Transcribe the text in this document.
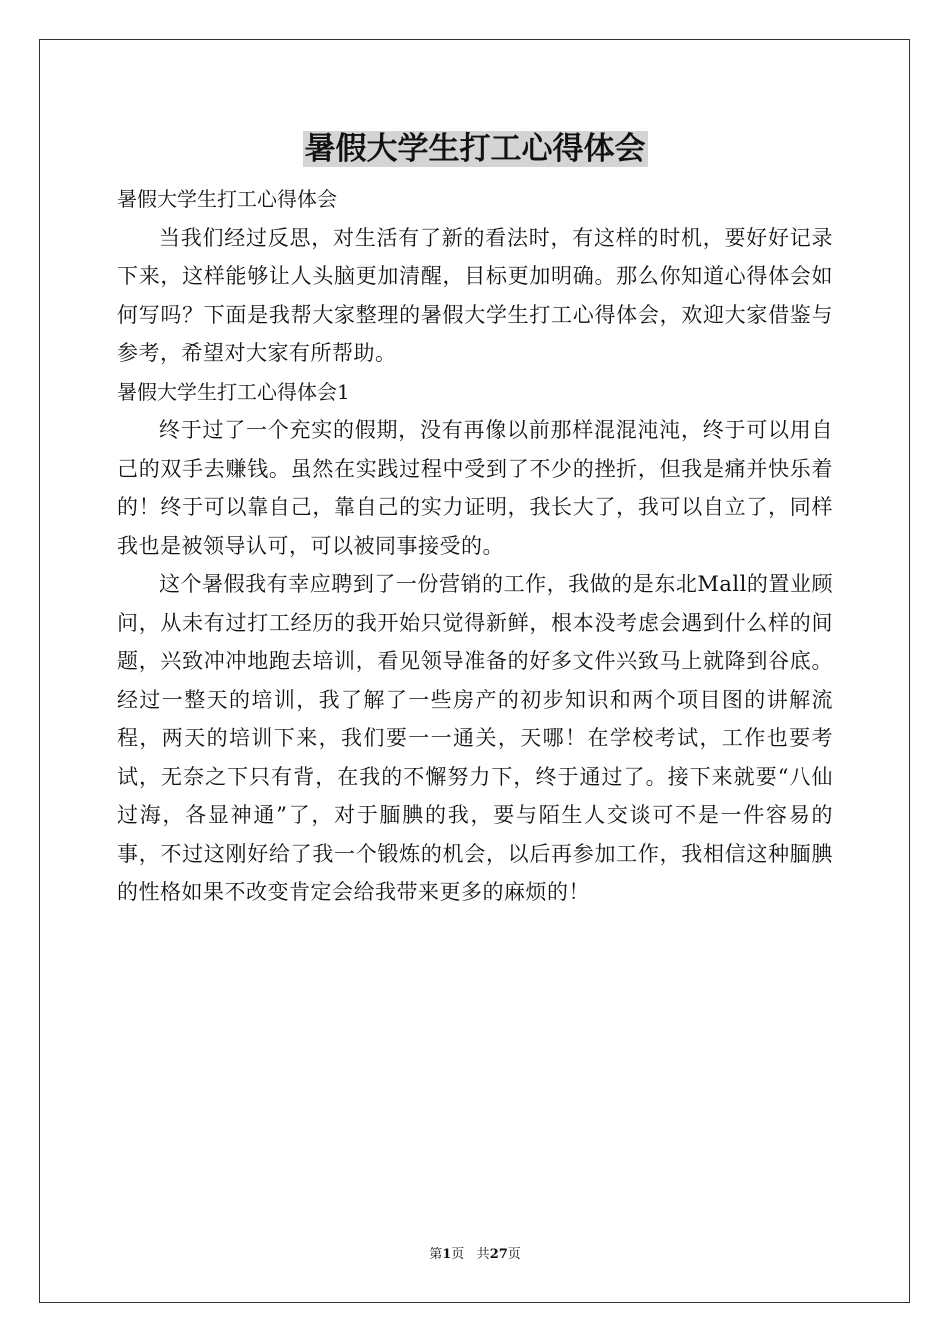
暑假大学生打工心得体会

暑假大学生打工心得体会

当我们经过反思，对生活有了新的看法时，有这样的时机，要好好记录下来，这样能够让人头脑更加清醒，目标更加明确。那么你知道心得体会如何写吗？下面是我帮大家整理的暑假大学生打工心得体会，欢迎大家借鉴与参考，希望对大家有所帮助。

暑假大学生打工心得体会1

终于过了一个充实的假期，没有再像以前那样混混沌沌，终于可以用自己的双手去赚钱。虽然在实践过程中受到了不少的挫折，但我是痛并快乐着的！终于可以靠自己，靠自己的实力证明，我长大了，我可以自立了，同样我也是被领导认可，可以被同事接受的。

这个暑假我有幸应聘到了一份营销的工作，我做的是东北Mall的置业顾问，从未有过打工经历的我开始只觉得新鲜，根本没考虑会遇到什么样的间题，兴致冲冲地跑去培训，看见领导准备的好多文件兴致马上就降到谷底。经过一整天的培训，我了解了一些房产的初步知识和两个项目图的讲解流程，两天的培训下来，我们要一一通关，天哪！在学校考试，工作也要考试，无奈之下只有背，在我的不懈努力下，终于通过了。接下来就要“八仙过海，各显神通”了，对于腼腆的我，要与陌生人交谈可不是一件容易的事，不过这刚好给了我一个锻炼的机会，以后再参加工作，我相信这种腼腆的性格如果不改变肯定会给我带来更多的麻烦的！

第1页 共27页
